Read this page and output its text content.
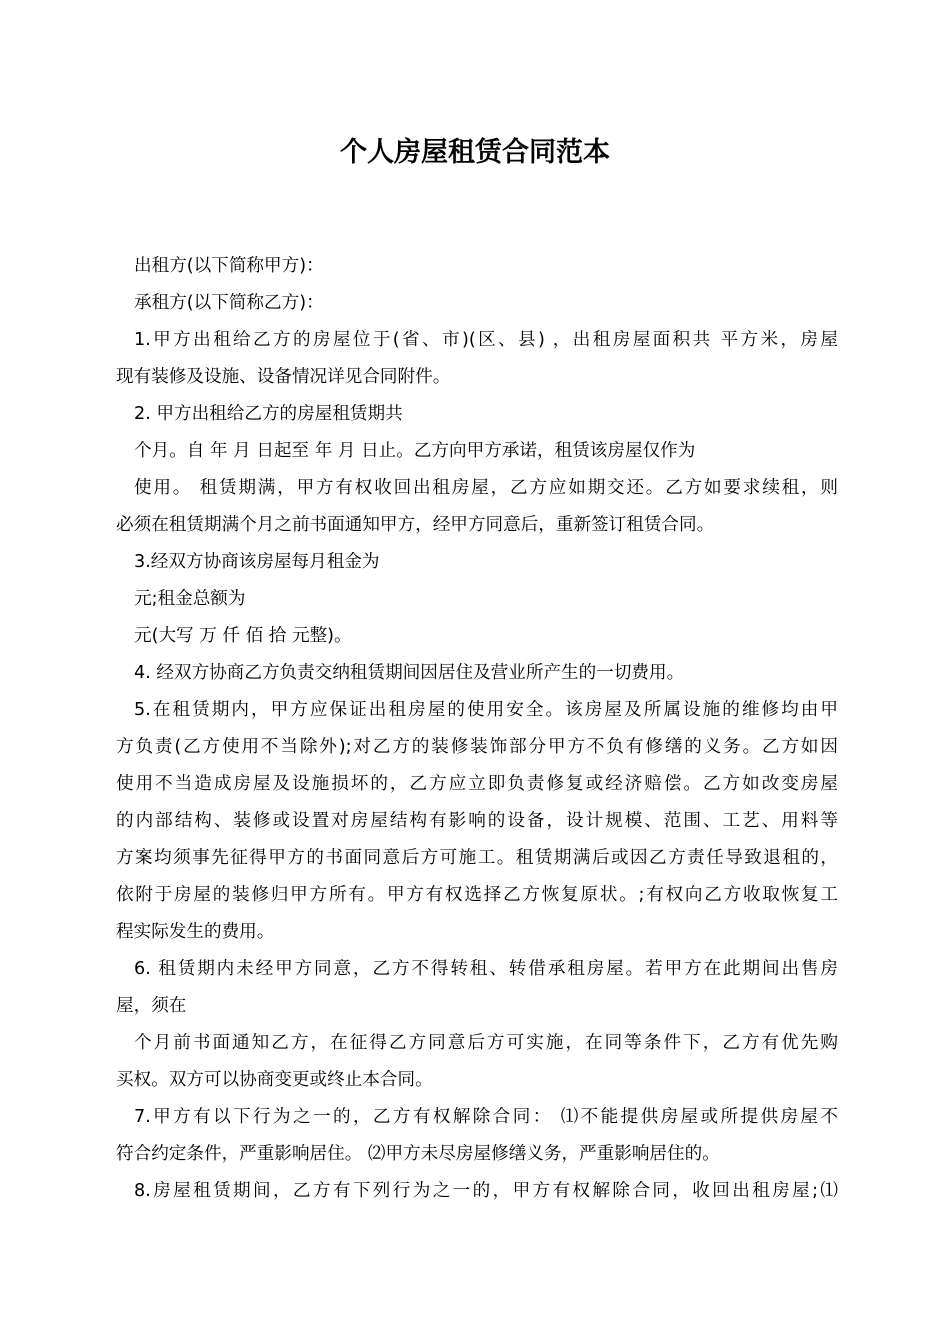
个人房屋租赁合同范本
出租方(以下简称甲方)：
承租方(以下简称乙方)：
1.甲方出租给乙方的房屋位于(省、市)(区、县) ，出租房屋面积共 平方米，房屋
现有装修及设施、设备情况详见合同附件。
2. 甲方出租给乙方的房屋租赁期共
个月。自 年 月 日起至 年 月 日止。乙方向甲方承诺，租赁该房屋仅作为
使用。 租赁期满，甲方有权收回出租房屋，乙方应如期交还。乙方如要求续租，则
必须在租赁期满个月之前书面通知甲方，经甲方同意后，重新签订租赁合同。
3.经双方协商该房屋每月租金为
元;租金总额为
元(大写 万 仟 佰 拾 元整)。
4. 经双方协商乙方负责交纳租赁期间因居住及营业所产生的一切费用。
5.在租赁期内，甲方应保证出租房屋的使用安全。该房屋及所属设施的维修均由甲
方负责(乙方使用不当除外);对乙方的装修装饰部分甲方不负有修缮的义务。乙方如因
使用不当造成房屋及设施损坏的，乙方应立即负责修复或经济赔偿。乙方如改变房屋
的内部结构、装修或设置对房屋结构有影响的设备，设计规模、范围、工艺、用料等
方案均须事先征得甲方的书面同意后方可施工。租赁期满后或因乙方责任导致退租的，
依附于房屋的装修归甲方所有。甲方有权选择乙方恢复原状。;有权向乙方收取恢复工
程实际发生的费用。
6. 租赁期内未经甲方同意，乙方不得转租、转借承租房屋。若甲方在此期间出售房
屋，须在
个月前书面通知乙方，在征得乙方同意后方可实施，在同等条件下，乙方有优先购
买权。双方可以协商变更或终止本合同。
7.甲方有以下行为之一的，乙方有权解除合同： ⑴不能提供房屋或所提供房屋不
符合约定条件，严重影响居住。 ⑵甲方未尽房屋修缮义务，严重影响居住的。
8.房屋租赁期间，乙方有下列行为之一的，甲方有权解除合同，收回出租房屋;⑴
